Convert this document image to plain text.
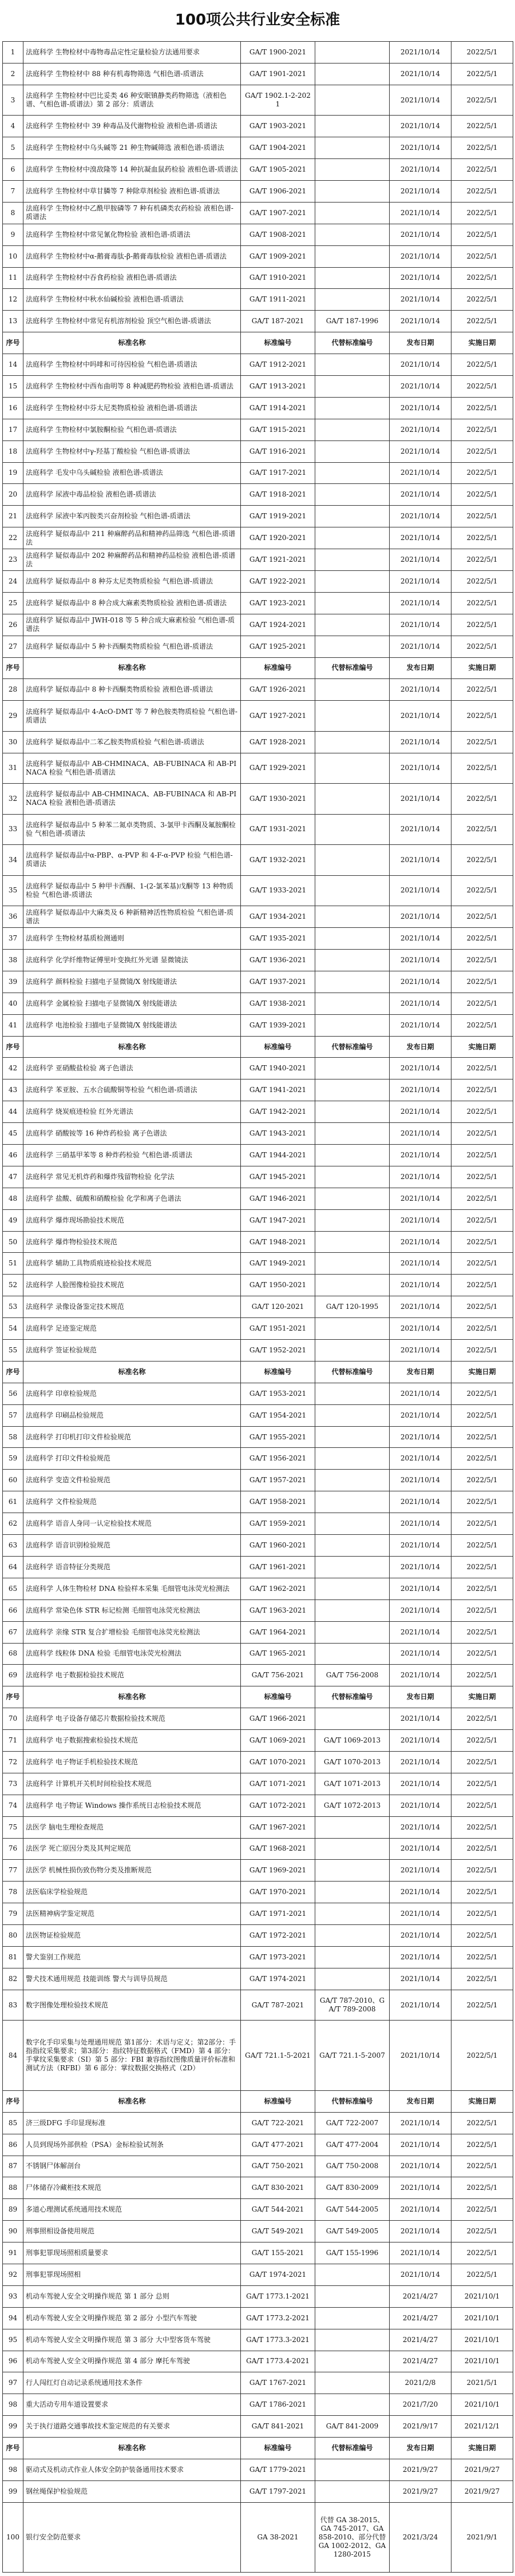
100项公共行业安全标准
1	法庭科学 生物检材中毒物毒品定性定量检验方法通用要求	GA/T 1900-2021		2021/10/14	2022/5/1
2	法庭科学 生物检材中 88 种有机毒物筛选 气相色谱-质谱法	GA/T 1901-2021		2021/10/14	2022/5/1
3	法庭科学 生物检材中巴比妥类 46 种安眠镇静类药物筛选（液相色谱、气相色谱-质谱法）第 2 部分：质谱法	GA/T 1902.1-2-2021		2021/10/14	2022/5/1
4	法庭科学 生物检材中 39 种毒品及代谢物检验 液相色谱-质谱法	GA/T 1903-2021		2021/10/14	2022/5/1
5	法庭科学 生物检材中乌头碱等 21 种生物碱筛选 液相色谱-质谱法	GA/T 1904-2021		2021/10/14	2022/5/1
6	法庭科学 生物检材中溴敌隆等 14 种抗凝血鼠药检验 液相色谱-质谱法	GA/T 1905-2021		2021/10/14	2022/5/1
7	法庭科学 生物检材中草甘膦等 7 种除草剂检验 液相色谱-质谱法	GA/T 1906-2021		2021/10/14	2022/5/1
8	法庭科学 生物检材中乙酰甲胺磷等 7 种有机磷类农药检验 液相色谱-质谱法	GA/T 1907-2021		2021/10/14	2022/5/1
9	法庭科学 生物检材中常见氰化物检验 液相色谱-质谱法	GA/T 1908-2021		2021/10/14	2022/5/1
10	法庭科学 生物检材中α-鹅膏毒肽-β-鹅膏毒肽检验 液相色谱-质谱法	GA/T 1909-2021		2021/10/14	2022/5/1
11	法庭科学 生物检材中吞食药检验 液相色谱-质谱法	GA/T 1910-2021		2021/10/14	2022/5/1
12	法庭科学 生物检材中秋水仙碱检验 液相色谱-质谱法	GA/T 1911-2021		2021/10/14	2022/5/1
13	法庭科学 生物检材中常见有机溶剂检验 顶空气相色谱-质谱法	GA/T 187-2021	GA/T 187-1996	2021/10/14	2022/5/1
序号	标准名称	标准编号	代替标准编号	发布日期	实施日期
14	法庭科学 生物检材中吗啡和可待因检验 气相色谱-质谱法	GA/T 1912-2021		2021/10/14	2022/5/1
15	法庭科学 生物检材中西布曲明等 8 种减肥药物检验 液相色谱-质谱法	GA/T 1913-2021		2021/10/14	2022/5/1
16	法庭科学 生物检材中芬太尼类物质检验 液相色谱-质谱法	GA/T 1914-2021		2021/10/14	2022/5/1
17	法庭科学 生物检材中氯胺酮检验 气相色谱-质谱法	GA/T 1915-2021		2021/10/14	2022/5/1
18	法庭科学 生物检材中γ-羟基丁酸检验 气相色谱-质谱法	GA/T 1916-2021		2021/10/14	2022/5/1
19	法庭科学 毛发中乌头碱检验 液相色谱-质谱法	GA/T 1917-2021		2021/10/14	2022/5/1
20	法庭科学 尿液中毒品检验 液相色谱-质谱法	GA/T 1918-2021		2021/10/14	2022/5/1
21	法庭科学 尿液中苯丙胺类兴奋剂检验 气相色谱-质谱法	GA/T 1919-2021		2021/10/14	2022/5/1
22	法庭科学 疑似毒品中 211 种麻醉药品和精神药品筛选 气相色谱-质谱法	GA/T 1920-2021		2021/10/14	2022/5/1
23	法庭科学 疑似毒品中 202 种麻醉药品和精神药品检验 液相色谱-质谱法	GA/T 1921-2021		2021/10/14	2022/5/1
24	法庭科学 疑似毒品中 8 种芬太尼类物质检验 气相色谱-质谱法	GA/T 1922-2021		2021/10/14	2022/5/1
25	法庭科学 疑似毒品中 8 种合成大麻素类物质检验 液相色谱-质谱法	GA/T 1923-2021		2021/10/14	2022/5/1
26	法庭科学 疑似毒品中 JWH-018 等 5 种合成大麻素检验 气相色谱-质谱法	GA/T 1924-2021		2021/10/14	2022/5/1
27	法庭科学 疑似毒品中 5 种卡西酮类物质检验 气相色谱-质谱法	GA/T 1925-2021		2021/10/14	2022/5/1
序号	标准名称	标准编号	代替标准编号	发布日期	实施日期
28	法庭科学 疑似毒品中 8 种卡西酮类物质检验 液相色谱-质谱法	GA/T 1926-2021		2021/10/14	2022/5/1
29	法庭科学 疑似毒品中 4-AcO-DMT 等 7 种色胺类物质检验 气相色谱-质谱法	GA/T 1927-2021		2021/10/14	2022/5/1
30	法庭科学 疑似毒品中二苯乙胺类物质检验 气相色谱-质谱法	GA/T 1928-2021		2021/10/14	2022/5/1
31	法庭科学 疑似毒品中 AB-CHMINACA、AB-FUBINACA 和 AB-PINACA 检验 气相色谱-质谱法	GA/T 1929-2021		2021/10/14	2022/5/1
32	法庭科学 疑似毒品中 AB-CHMINACA、AB-FUBINACA 和 AB-PINACA 检验 液相色谱-质谱法	GA/T 1930-2021		2021/10/14	2022/5/1
33	法庭科学 疑似毒品中 5 种苯二氮卓类物质、3-氯甲卡西酮及氟胺酮检验 气相色谱-质谱法	GA/T 1931-2021		2021/10/14	2022/5/1
34	法庭科学 疑似毒品中α-PBP、α-PVP 和 4-F-α-PVP 检验 气相色谱-质谱法	GA/T 1932-2021		2021/10/14	2022/5/1
35	法庭科学 疑似毒品中 5 种甲卡西酮、1-(2-氯苯基)戊酮等 13 种物质检验 气相色谱-质谱法	GA/T 1933-2021		2021/10/14	2022/5/1
36	法庭科学 疑似毒品中大麻类及 6 种新精神活性物质检验 气相色谱-质谱法	GA/T 1934-2021		2021/10/14	2022/5/1
37	法庭科学 生物检材基质检测通则	GA/T 1935-2021		2021/10/14	2022/5/1
38	法庭科学 化学纤维物证傅里叶变换红外光谱 显微镜法	GA/T 1936-2021		2021/10/14	2022/5/1
39	法庭科学 颜料检验 扫描电子显微镜/X 射线能谱法	GA/T 1937-2021		2021/10/14	2022/5/1
40	法庭科学 金属检验 扫描电子显微镜/X 射线能谱法	GA/T 1938-2021		2021/10/14	2022/5/1
41	法庭科学 电池检验 扫描电子显微镜/X 射线能谱法	GA/T 1939-2021		2021/10/14	2022/5/1
序号	标准名称	标准编号	代替标准编号	发布日期	实施日期
42	法庭科学 亚硝酸盐检验 离子色谱法	GA/T 1940-2021		2021/10/14	2022/5/1
43	法庭科学 苯亚胺、五水合硫酸铜等检验 气相色谱-质谱法	GA/T 1941-2021		2021/10/14	2022/5/1
44	法庭科学 烧炭痕迹检验 红外光谱法	GA/T 1942-2021		2021/10/14	2022/5/1
45	法庭科学 硝酸铵等 16 种炸药检验 离子色谱法	GA/T 1943-2021		2021/10/14	2022/5/1
46	法庭科学 三硝基甲苯等 8 种炸药检验 气相色谱-质谱法	GA/T 1944-2021		2021/10/14	2022/5/1
47	法庭科学 常见无机炸药和爆炸残留物检验 化学法	GA/T 1945-2021		2021/10/14	2022/5/1
48	法庭科学 盐酸、硫酸和硝酸检验 化学和离子色谱法	GA/T 1946-2021		2021/10/14	2022/5/1
49	法庭科学 爆炸现场勘验技术规范	GA/T 1947-2021		2021/10/14	2022/5/1
50	法庭科学 爆炸物检验技术规范	GA/T 1948-2021		2021/10/14	2022/5/1
51	法庭科学 辅助工具物质痕迹检验技术规范	GA/T 1949-2021		2021/10/14	2022/5/1
52	法庭科学 人脸图像检验技术规范	GA/T 1950-2021		2021/10/14	2022/5/1
53	法庭科学 录像设备鉴定技术规范	GA/T 120-2021	GA/T 120-1995	2021/10/14	2022/5/1
54	法庭科学 足迹鉴定规范	GA/T 1951-2021		2021/10/14	2022/5/1
55	法庭科学 签证检验规范	GA/T 1952-2021		2021/10/14	2022/5/1
序号	标准名称	标准编号	代替标准编号	发布日期	实施日期
56	法庭科学 印章检验规范	GA/T 1953-2021		2021/10/14	2022/5/1
57	法庭科学 印刷品检验规范	GA/T 1954-2021		2021/10/14	2022/5/1
58	法庭科学 打印机打印文件检验规范	GA/T 1955-2021		2021/10/14	2022/5/1
59	法庭科学 打印文件检验规范	GA/T 1956-2021		2021/10/14	2022/5/1
60	法庭科学 变造文件检验规范	GA/T 1957-2021		2021/10/14	2022/5/1
61	法庭科学 文件检验规范	GA/T 1958-2021		2021/10/14	2022/5/1
62	法庭科学 语音人身同一认定检验技术规范	GA/T 1959-2021		2021/10/14	2022/5/1
63	法庭科学 语音识别检验规范	GA/T 1960-2021		2021/10/14	2022/5/1
64	法庭科学 语音特征分类规范	GA/T 1961-2021		2021/10/14	2022/5/1
65	法庭科学 人体生物检材 DNA 检验样本采集 毛细管电泳荧光检测法	GA/T 1962-2021		2021/10/14	2022/5/1
66	法庭科学 常染色体 STR 标记检测 毛细管电泳荧光检测法	GA/T 1963-2021		2021/10/14	2022/5/1
67	法庭科学 亲缘 STR 复合扩增检验 毛细管电泳荧光检测法	GA/T 1964-2021		2021/10/14	2022/5/1
68	法庭科学 线粒体 DNA 检验 毛细管电泳荧光检测法	GA/T 1965-2021		2021/10/14	2022/5/1
69	法庭科学 电子数据检验技术规范	GA/T 756-2021	GA/T 756-2008	2021/10/14	2022/5/1
序号	标准名称	标准编号	代替标准编号	发布日期	实施日期
70	法庭科学 电子设备存储芯片数据检验技术规范	GA/T 1966-2021		2021/10/14	2022/5/1
71	法庭科学 电子数据搜索检验技术规范	GA/T 1069-2021	GA/T 1069-2013	2021/10/14	2022/5/1
72	法庭科学 电子物证手机检验技术规范	GA/T 1070-2021	GA/T 1070-2013	2021/10/14	2022/5/1
73	法庭科学 计算机开关机时间检验技术规范	GA/T 1071-2021	GA/T 1071-2013	2021/10/14	2022/5/1
74	法庭科学 电子物证 Windows 操作系统日志检验技术规范	GA/T 1072-2021	GA/T 1072-2013	2021/10/14	2022/5/1
75	法医学 脑电生理检查规范	GA/T 1967-2021		2021/10/14	2022/5/1
76	法医学 死亡原因分类及其判定规范	GA/T 1968-2021		2021/10/14	2022/5/1
77	法医学 机械性损伤致伤物分类及推断规范	GA/T 1969-2021		2021/10/14	2022/5/1
78	法医临床学检验规范	GA/T 1970-2021		2021/10/14	2022/5/1
79	法医精神病学鉴定规范	GA/T 1971-2021		2021/10/14	2022/5/1
80	法医物证检验规范	GA/T 1972-2021		2021/10/14	2022/5/1
81	警犬鉴别工作规范	GA/T 1973-2021		2021/10/14	2022/5/1
82	警犬技术通用规范 技能训练 警犬与训导员规范	GA/T 1974-2021		2021/10/14	2022/5/1
83	数字图像处理检验技术规范	GA/T 787-2021	GA/T 787-2010、GA/T 789-2008	2021/10/14	2022/5/1
84	数字化手印采集与处理通用规范 第1部分：术语与定义；第2部分：手指指纹采集要求；第3部分：指纹特征数据格式（FMD）第 4 部分：手掌纹采集要求（SI）第 5 部分：FBI 兼容指纹图像质量评价标准和测试方法（RFBI）第 6 部分：掌纹数据交换格式（2D）	GA/T 721.1-5-2021	GA/T 721.1-5-2007	2021/10/14	2022/5/1
序号	标准名称	标准编号	代替标准编号	发布日期	实施日期
85	济三级DFG 手印显现标准	GA/T 722-2021	GA/T 722-2007	2021/10/14	2022/5/1
86	人员到现场外部供检（PSA）金标检验试剂条	GA/T 477-2021	GA/T 477-2004	2021/10/14	2022/5/1
87	不锈钢尸体解剖台	GA/T 750-2021	GA/T 750-2008	2021/10/14	2022/5/1
88	尸体储存冷藏柜技术规范	GA/T 830-2021	GA/T 830-2009	2021/10/14	2022/5/1
89	多道心理测试系统通用技术规范	GA/T 544-2021	GA/T 544-2005	2021/10/14	2022/5/1
90	刑事照相设备使用规范	GA/T 549-2021	GA/T 549-2005	2021/10/14	2022/5/1
91	刑事犯罪现场照相质量要求	GA/T 155-2021	GA/T 155-1996	2021/10/14	2022/5/1
92	刑事犯罪现场照相	GA/T 1974-2021		2021/10/14	2022/5/1
93	机动车驾驶人安全文明操作规范 第 1 部分 总则	GA/T 1773.1-2021		2021/4/27	2021/10/1
94	机动车驾驶人安全文明操作规范 第 2 部分 小型汽车驾驶	GA/T 1773.2-2021		2021/4/27	2021/10/1
95	机动车驾驶人安全文明操作规范 第 3 部分 大中型客货车驾驶	GA/T 1773.3-2021		2021/4/27	2021/10/1
96	机动车驾驶人安全文明操作规范 第 4 部分 摩托车驾驶	GA/T 1773.4-2021		2021/4/27	2021/10/1
97	行人闯红灯自动记录系统通用技术条件	GA/T 1767-2021		2021/2/8	2021/5/1
98	重大活动专用车道设置要求	GA/T 1786-2021		2021/7/20	2021/10/1
99	关于执行道路交通事故技术鉴定规范的有关要求	GA/T 841-2021	GA/T 841-2009	2021/9/17	2021/12/1
序号	标准名称	标准编号	代替标准编号	发布日期	实施日期
98	驱动式及机动式作业人体安全防护装备通用技术要求	GA/T 1779-2021		2021/9/27	2021/9/27
99	钢丝绳保护检验规范	GA/T 1797-2021		2021/9/27	2021/9/27
100	银行安全防范要求	GA 38-2021	代替 GA 38-2015、GA 745-2017、GA 858-2010、部分代替 GA 1002-2012、GA 1280-2015	2021/3/24	2021/9/1
